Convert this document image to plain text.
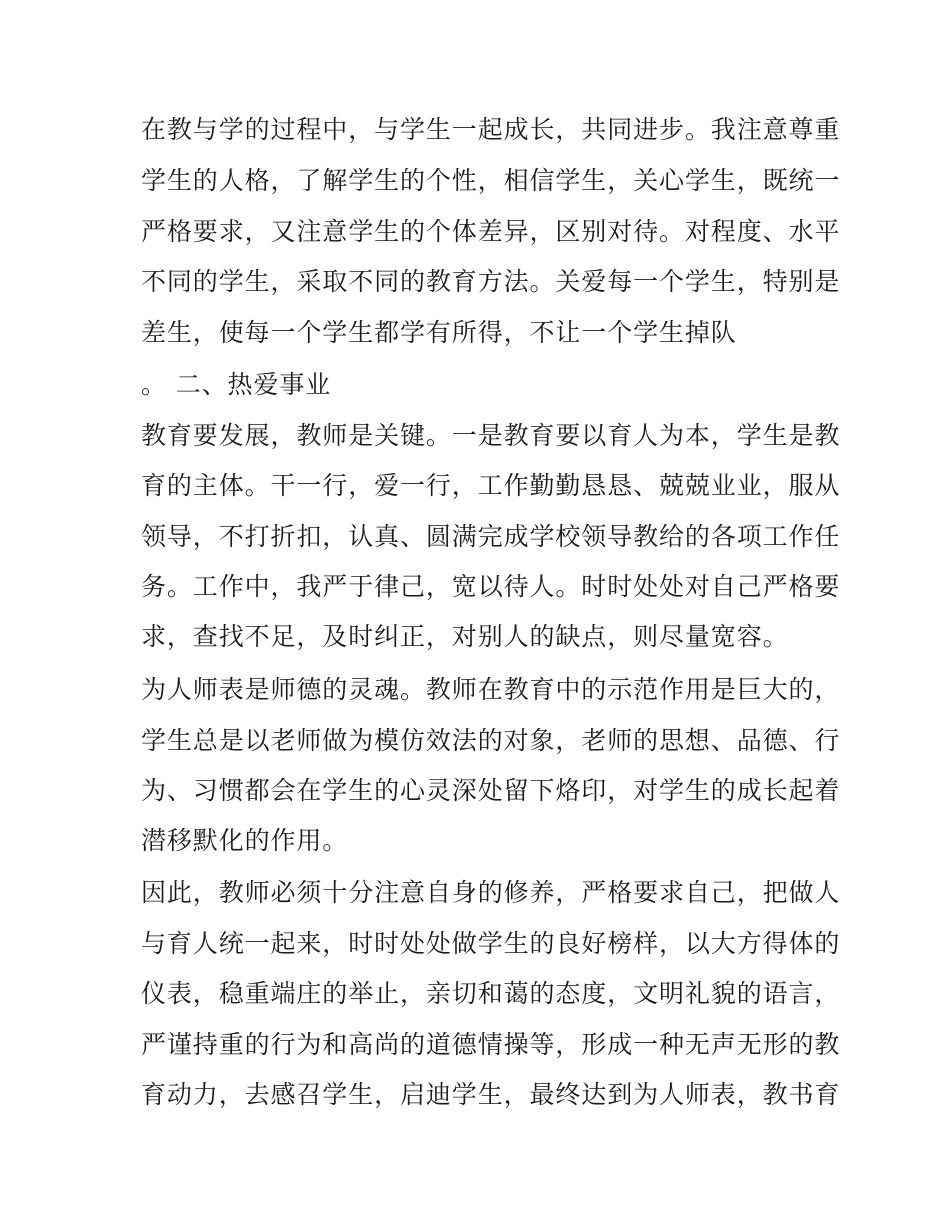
在教与学的过程中，与学生一起成长，共同进步。我注意尊重
学生的人格，了解学生的个性，相信学生，关心学生，既统一
严格要求，又注意学生的个体差异，区别对待。对程度、水平
不同的学生，采取不同的教育方法。关爱每一个学生，特别是
差生，使每一个学生都学有所得，不让一个学生掉队
。 二、热爱事业
教育要发展，教师是关键。一是教育要以育人为本，学生是教
育的主体。干一行，爱一行，工作勤勤恳恳、兢兢业业，服从
领导，不打折扣，认真、圆满完成学校领导教给的各项工作任
务。工作中，我严于律己，宽以待人。时时处处对自己严格要
求，查找不足，及时纠正，对别人的缺点，则尽量宽容。
为人师表是师德的灵魂。教师在教育中的示范作用是巨大的，
学生总是以老师做为模仿效法的对象，老师的思想、品德、行
为、习惯都会在学生的心灵深处留下烙印，对学生的成长起着
潜移默化的作用。
因此，教师必须十分注意自身的修养，严格要求自己，把做人
与育人统一起来，时时处处做学生的良好榜样，以大方得体的
仪表，稳重端庄的举止，亲切和蔼的态度，文明礼貌的语言，
严谨持重的行为和高尚的道德情操等，形成一种无声无形的教
育动力，去感召学生，启迪学生，最终达到为人师表，教书育
